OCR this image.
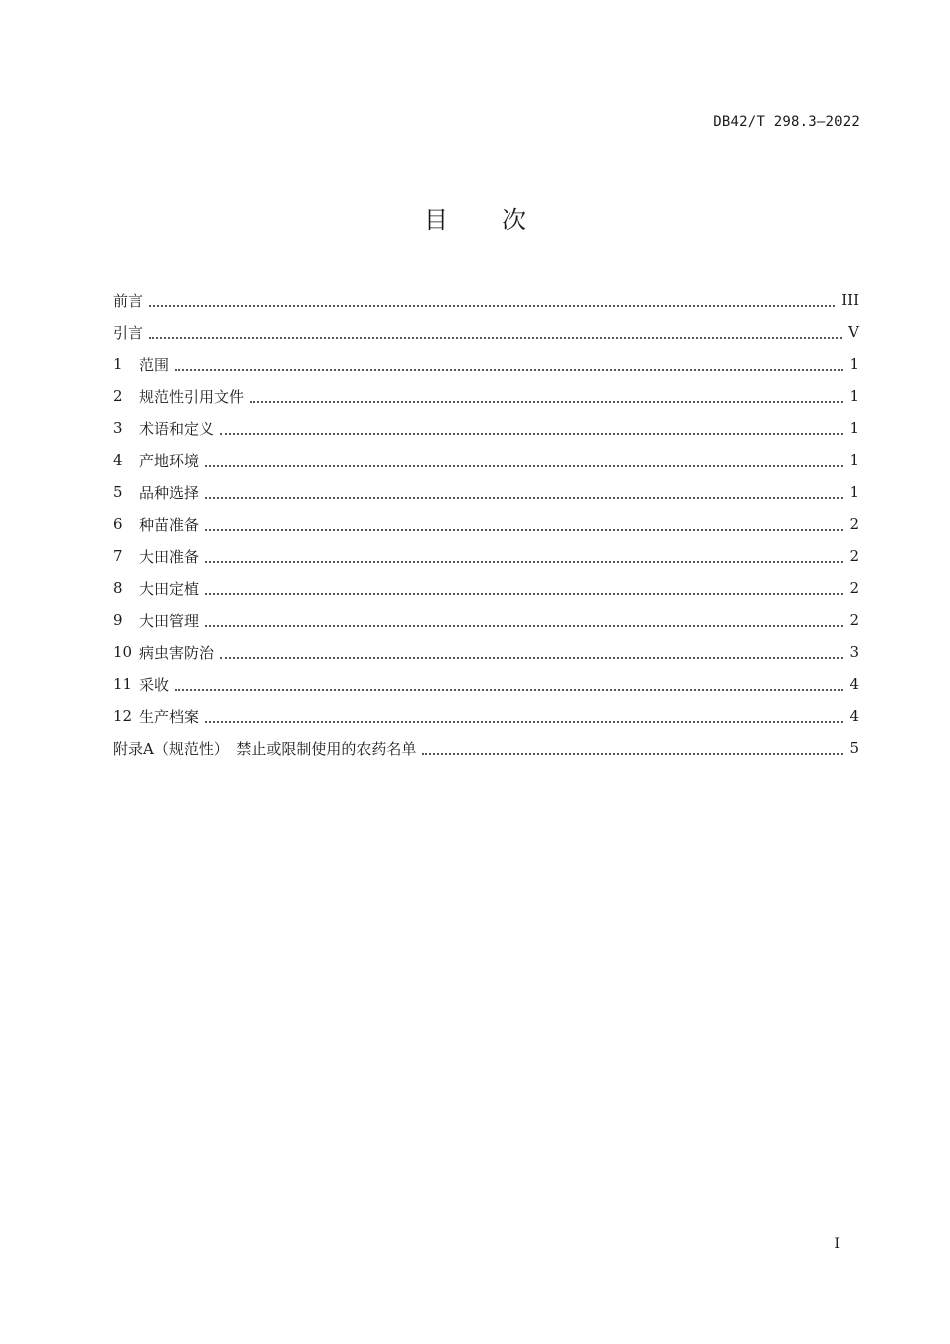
DB42/T 298.3—2022
目次
前言	III
引言	V
1	范围	1
2	规范性引用文件	1
3	术语和定义	1
4	产地环境	1
5	品种选择	1
6	种苗准备	2
7	大田准备	2
8	大田定植	2
9	大田管理	2
10 病虫害防治	3
11 采收	4
12 生产档案	4
附录A（规范性）　禁止或限制使用的农药名单	5
I
